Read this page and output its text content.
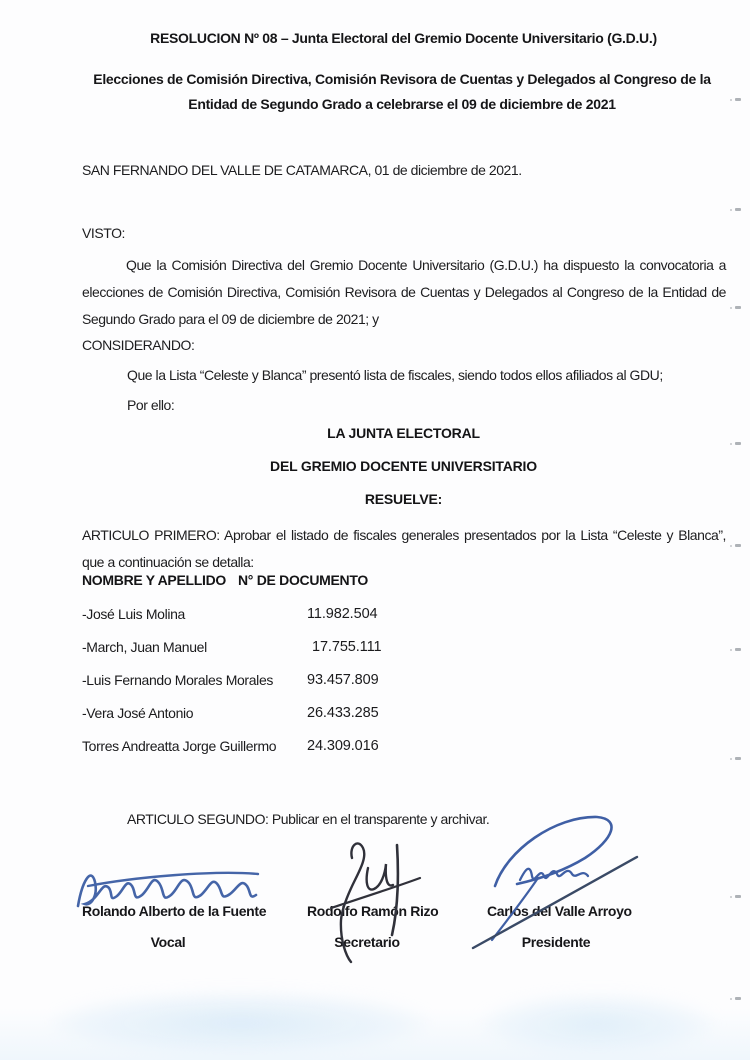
RESOLUCION Nº 08 – Junta Electoral del Gremio Docente Universitario (G.D.U.)
Elecciones de Comisión Directiva, Comisión Revisora de Cuentas y Delegados al Congreso de la Entidad de Segundo Grado a celebrarse el 09 de diciembre de 2021
SAN FERNANDO DEL VALLE DE CATAMARCA, 01 de diciembre de 2021.
VISTO:
Que la Comisión Directiva del Gremio Docente Universitario (G.D.U.) ha dispuesto la convocatoria a elecciones de Comisión Directiva, Comisión Revisora de Cuentas y Delegados al Congreso de la Entidad de Segundo Grado para el 09 de diciembre de 2021; y
CONSIDERANDO:
Que la Lista “Celeste y Blanca” presentó lista de fiscales, siendo todos ellos afiliados al GDU;
Por ello:
LA JUNTA ELECTORAL
DEL GREMIO DOCENTE UNIVERSITARIO
RESUELVE:
ARTICULO PRIMERO: Aprobar el listado de fiscales generales presentados por la Lista “Celeste y Blanca”, que a continuación se detalla:
NOMBRE Y APELLIDO N° DE DOCUMENTO
-José Luis Molina	11.982.504
-March, Juan Manuel	17.755.111
-Luis Fernando Morales Morales	93.457.809
-Vera José Antonio	26.433.285
Torres Andreatta Jorge Guillermo	24.309.016
ARTICULO SEGUNDO: Publicar en el transparente y archivar.
Rolando Alberto de la Fuente	Rodolfo Ramón Rizo	Carlos del Valle Arroyo
Vocal	Secretario	Presidente
